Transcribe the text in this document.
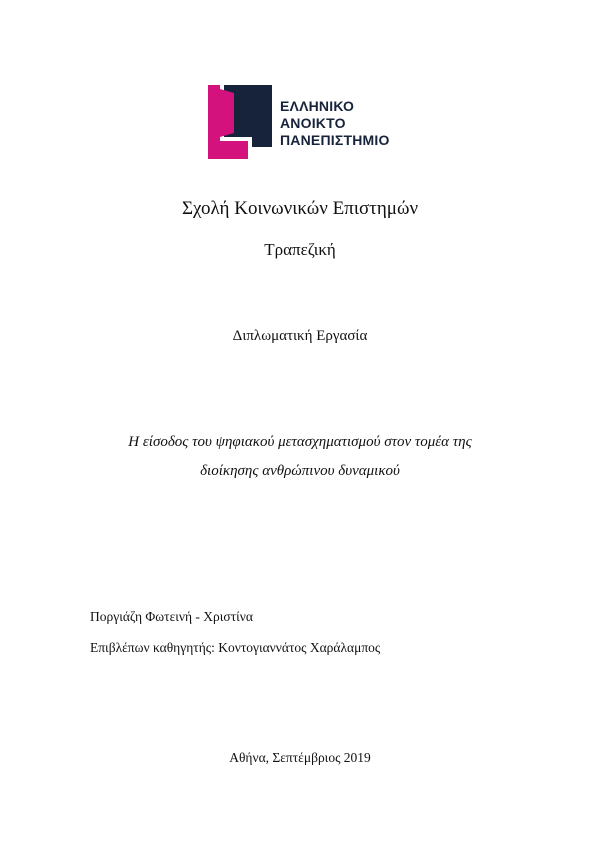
ΕΛΛΗΝΙΚΟ
ΑΝΟΙΚΤΟ
ΠΑΝΕΠΙΣΤΗΜΙΟ
Σχολή Κοινωνικών Επιστημών
Τραπεζική
Διπλωματική Εργασία
Η είσοδος του ψηφιακού μετασχηματισμού στον τομέα της
διοίκησης ανθρώπινου δυναμικού
Ποργιάζη Φωτεινή - Χριστίνα
Επιβλέπων καθηγητής: Κοντογιαννάτος Χαράλαμπος
Αθήνα, Σεπτέμβριος 2019
